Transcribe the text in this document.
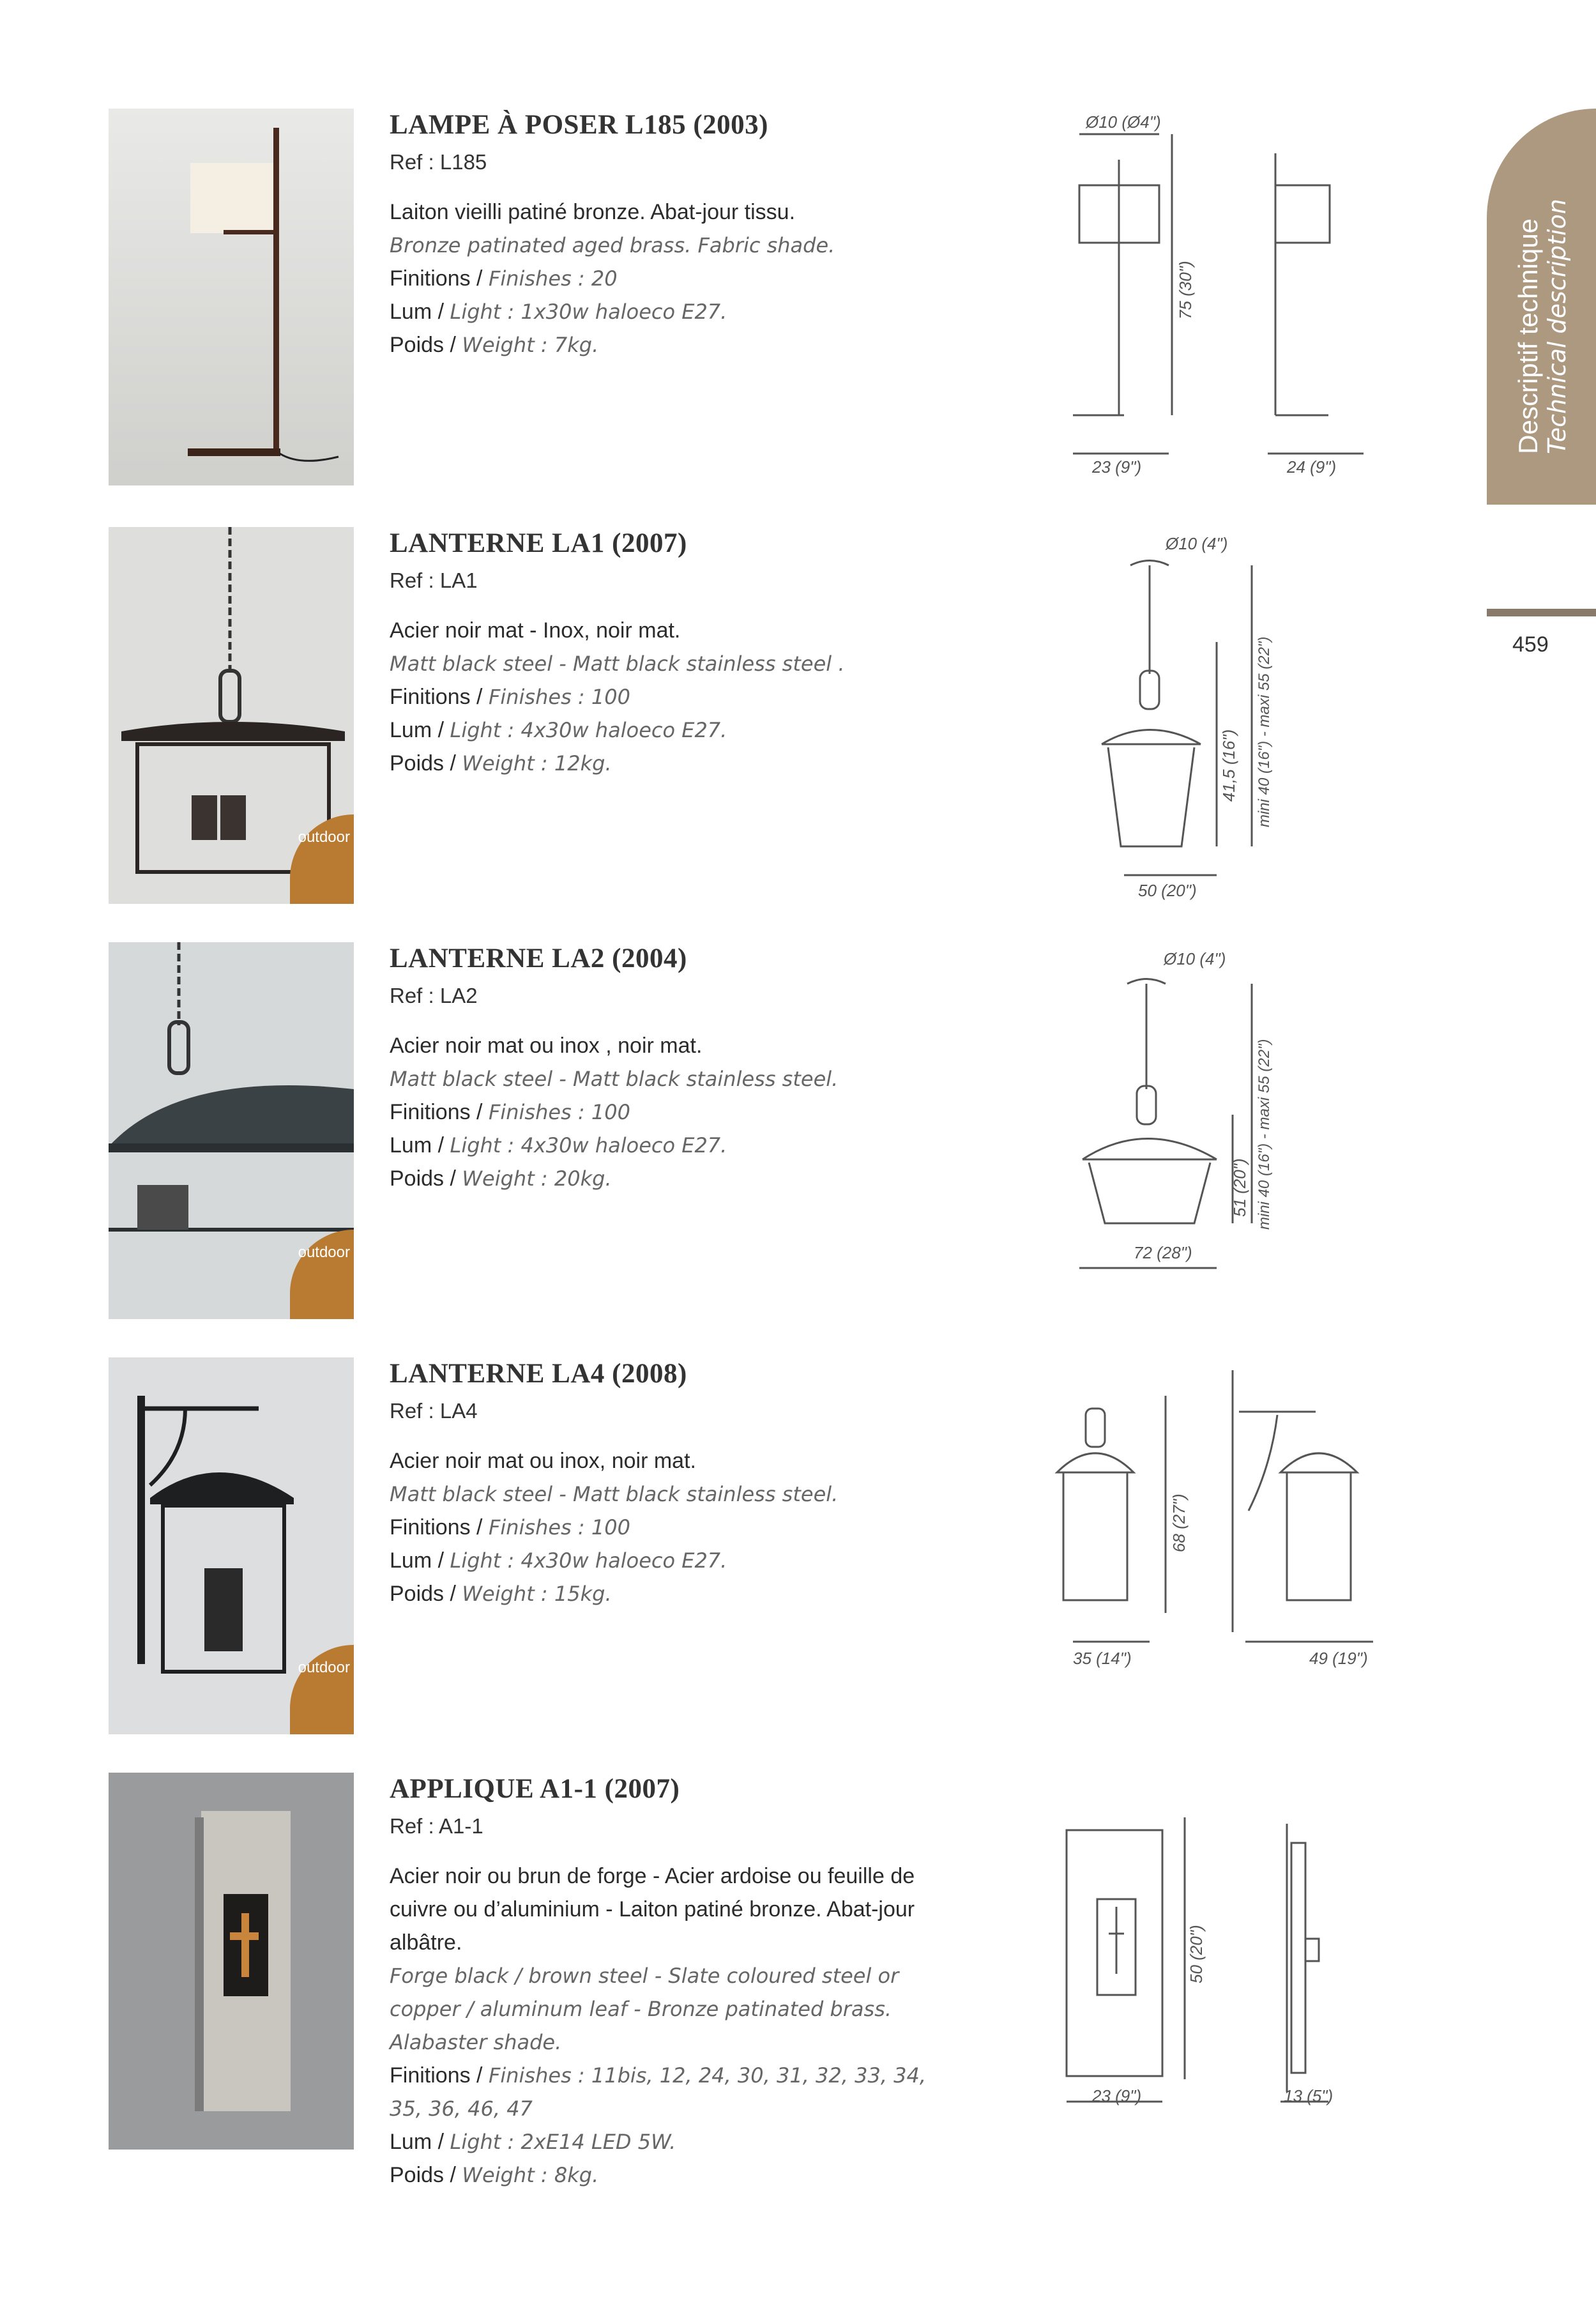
Descriptif technique Technical description
459
LAMPE À POSER L185 (2003)
Ref : L185
Laiton vieilli patiné bronze. Abat-jour tissu.
Bronze patinated aged brass. Fabric shade.
Finitions / Finishes : 20
Lum / Light : 1x30w haloeco E27.
Poids / Weight : 7kg.
Ø10 (Ø4")
75 (30")
23 (9")	24 (9")
outdoor
LANTERNE LA1 (2007)
Ref : LA1
Acier noir mat - Inox, noir mat.
Matt black steel - Matt black stainless steel .
Finitions / Finishes : 100
Lum / Light : 4x30w haloeco E27.
Poids / Weight : 12kg.
Ø10 (4")
41,5 (16") mini 40 (16") - maxi 55 (22")
50 (20")
outdoor
LANTERNE LA2 (2004)
Ref : LA2
Acier noir mat ou inox , noir mat.
Matt black steel - Matt black stainless steel.
Finitions / Finishes : 100
Lum / Light : 4x30w haloeco E27.
Poids / Weight : 20kg.
Ø10 (4")
51 (20") mini 40 (16") - maxi 55 (22")
72 (28")
outdoor
LANTERNE LA4 (2008)
Ref : LA4
Acier noir mat ou inox, noir mat.
Matt black steel - Matt black stainless steel.
Finitions / Finishes : 100
Lum / Light : 4x30w haloeco E27.
Poids / Weight : 15kg.
68 (27")
35 (14")	49 (19")
APPLIQUE A1-1 (2007)
Ref : A1-1
Acier noir ou brun de forge - Acier ardoise ou feuille de cuivre ou d’aluminium - Laiton patiné bronze. Abat-jour albâtre.
Forge black / brown steel - Slate coloured steel or copper / aluminum leaf - Bronze patinated brass. Alabaster shade.
Finitions / Finishes : 11bis, 12, 24, 30, 31, 32, 33, 34, 35, 36, 46, 47
Lum / Light : 2xE14 LED 5W.
Poids / Weight : 8kg.
50 (20")
23 (9")	13 (5")
